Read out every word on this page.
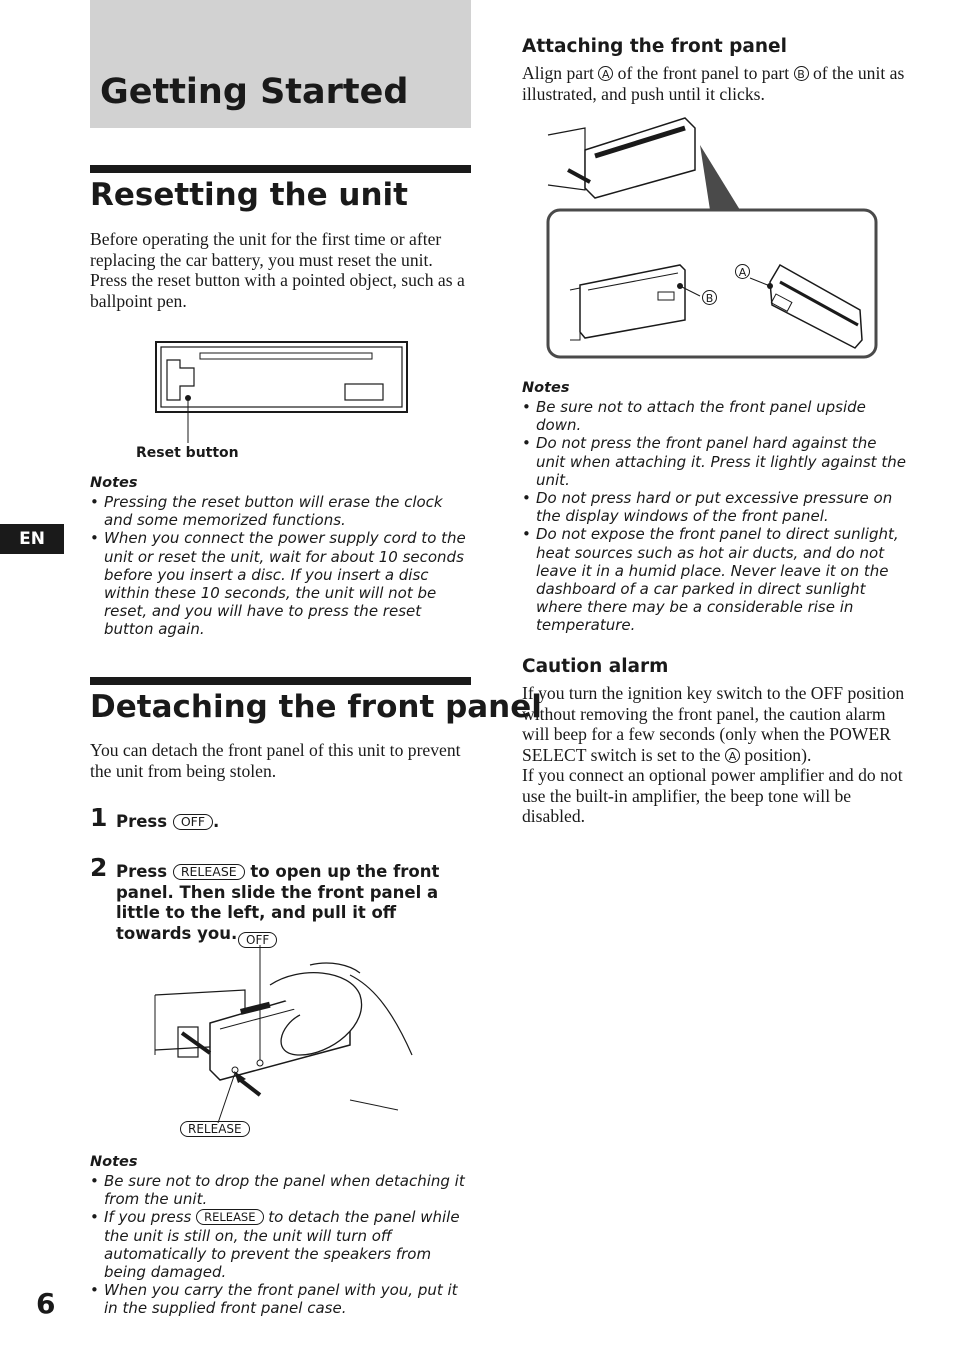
Getting Started
EN
6
Resetting the unit
Before operating the unit for the first time or after replacing the car battery, you must reset the unit.
Press the reset button with a pointed object, such as a ballpoint pen.
Reset button
Notes
• Pressing the reset button will erase the clock and some memorized functions.
• When you connect the power supply cord to the unit or reset the unit, wait for about 10 seconds before you insert a disc. If you insert a disc within these 10 seconds, the unit will not be reset, and you will have to press the reset button again.
Detaching the front panel
You can detach the front panel of this unit to prevent the unit from being stolen.
1 Press OFF .
2 Press RELEASE to open up the front panel. Then slide the front panel a little to the left, and pull it off towards you. OFF
RELEASE
Notes
• Be sure not to drop the panel when detaching it from the unit.
• If you press RELEASE to detach the panel while the unit is still on, the unit will turn off automatically to prevent the speakers from being damaged.
• When you carry the front panel with you, put it in the supplied front panel case.
Attaching the front panel
Align part A of the front panel to part B of the unit as illustrated, and push until it clicks.
A
B
Notes
• Be sure not to attach the front panel upside down.
• Do not press the front panel hard against the unit when attaching it. Press it lightly against the unit.
• Do not press hard or put excessive pressure on the display windows of the front panel.
• Do not expose the front panel to direct sunlight, heat sources such as hot air ducts, and do not leave it in a humid place. Never leave it on the dashboard of a car parked in direct sunlight where there may be a considerable rise in temperature.
Caution alarm
If you turn the ignition key switch to the OFF position without removing the front panel, the caution alarm will beep for a few seconds (only when the POWER SELECT switch is set to the A position).
If you connect an optional power amplifier and do not use the built-in amplifier, the beep tone will be disabled.
